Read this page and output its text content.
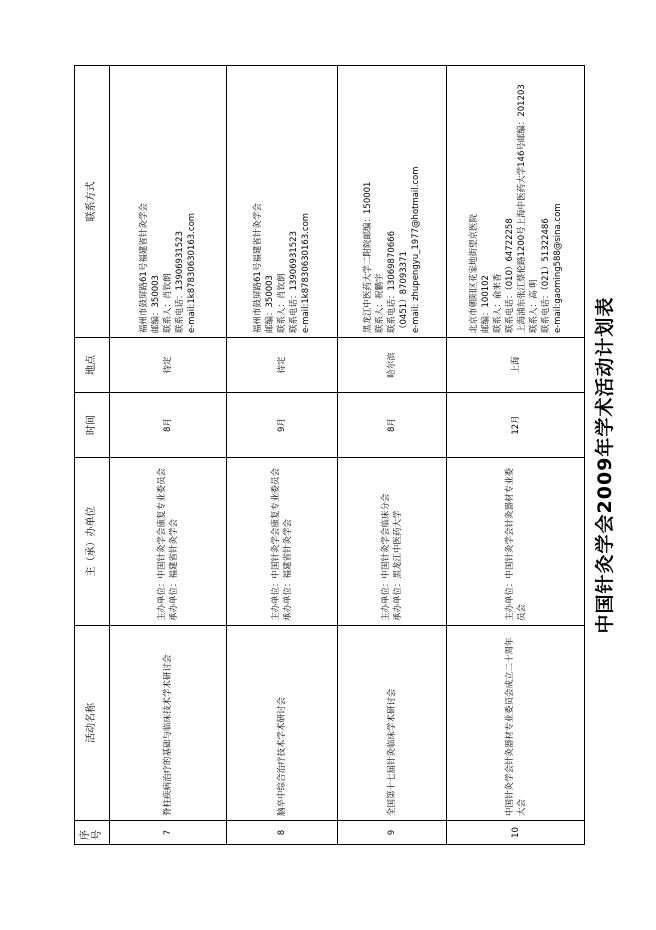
中国针灸学会2009年学术活动计划表
序号
活动名称
主（承）办单位
时间
地点
联系方式
7
脊柱疾病治疗的基础与临床技术学术研讨会
主办单位：中国针灸学会康复专业委员会 承办单位：福建省针灸学会
8月
待定
福州市鼓屏路61号福建省针灸学会 邮编：350003 联系人：肖钦朗 联系电话：13906931523 e-mail:1k87830630163.com
8
脑卒中综合治疗技术学术研讨会
主办单位：中国针灸学会康复专业委员会 承办单位：福建省针灸学会
9月
待定
福州市鼓屏路61号福建省针灸学会 邮编：350003 联系人：肖钦朗 联系电话：13906931523 e-mail:1k87830630163.com
9
全国第十七届针灸临床学术研讨会
主办单位：中国针灸学会临床分会 承办单位：黑龙江中医药大学
8月
哈尔滨
黑龙江中医药大学二附院邮编：150001 联系人：祝鹏宇 联系电话：13069870666 （0451）87093371 e-mail: zhupengyu_1977@hotmail.com
10
中国针灸学会针灸器材专业委员会成立二十周年大会
主办单位：中国针灸学会针灸器材专业委员会
12月
上海
北京市朝阳区花家地街望京医院 邮编：100102 联系人：俞来香 联系电话：（010）64722258 上海浦东张江蔡伦路1200号上海中医药大学146号邮编：201203 联系人：高 明 联系电话：（021）51322486 e-mail:gaoming588@sina.com
